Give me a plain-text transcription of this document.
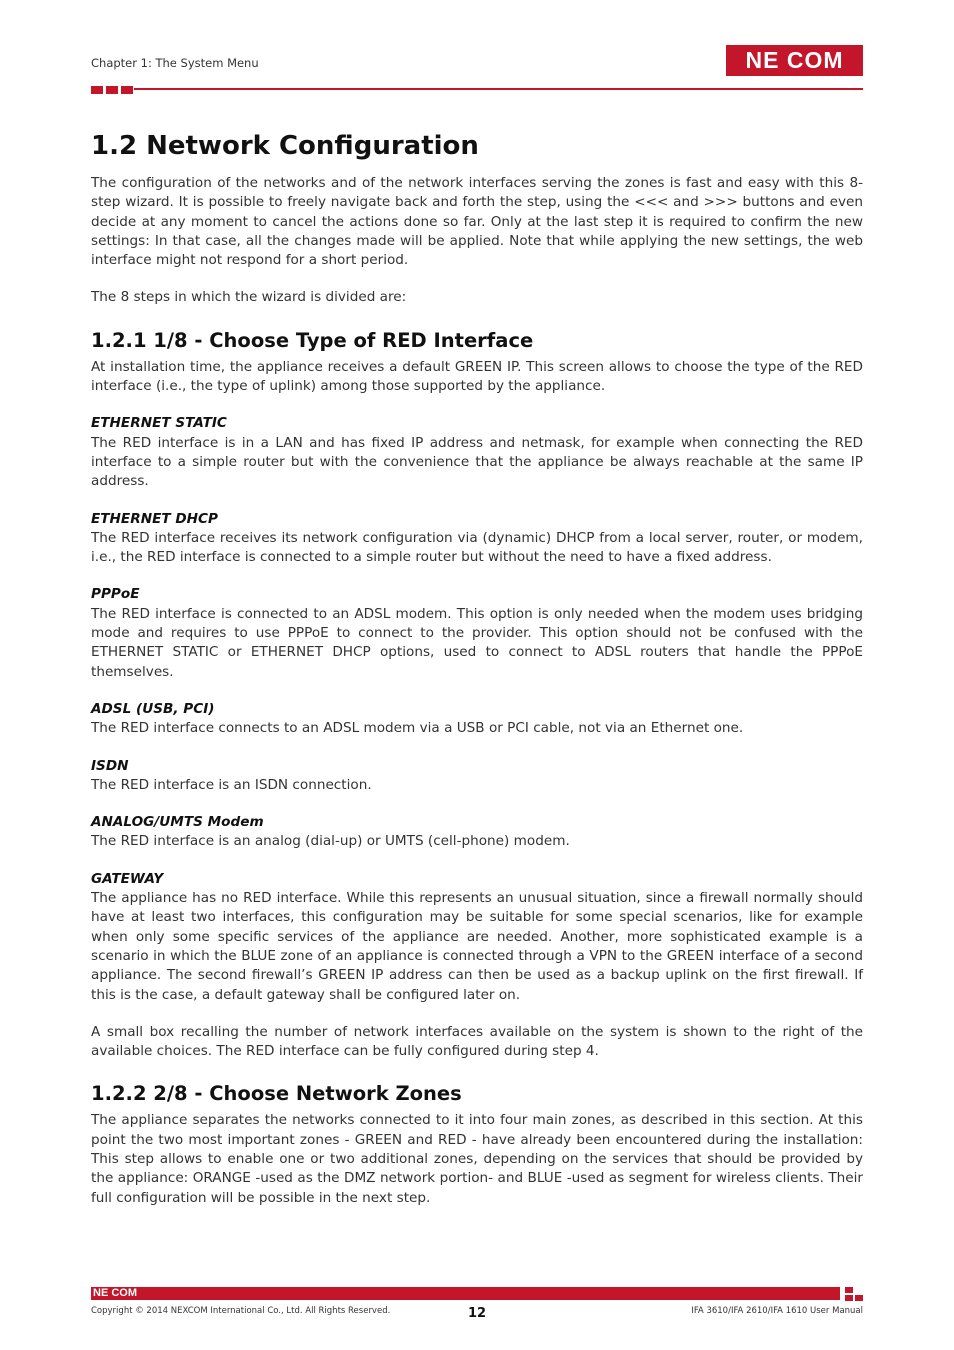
Chapter 1: The System Menu	NE COM
1.2 Network Configuration

The configuration of the networks and of the network interfaces serving the zones is fast and easy with this 8-step wizard. It is possible to freely navigate back and forth the step, using the <<< and >>> buttons and even decide at any moment to cancel the actions done so far. Only at the last step it is required to confirm the new settings: In that case, all the changes made will be applied. Note that while applying the new settings, the web interface might not respond for a short period.

The 8 steps in which the wizard is divided are:

1.2.1 1/8 - Choose Type of RED Interface

At installation time, the appliance receives a default GREEN IP. This screen allows to choose the type of the RED interface (i.e., the type of uplink) among those supported by the appliance.

ETHERNET STATIC

The RED interface is in a LAN and has fixed IP address and netmask, for example when connecting the RED interface to a simple router but with the convenience that the appliance be always reachable at the same IP address.

ETHERNET DHCP

The RED interface receives its network configuration via (dynamic) DHCP from a local server, router, or modem, i.e., the RED interface is connected to a simple router but without the need to have a fixed address.

PPPoE

The RED interface is connected to an ADSL modem. This option is only needed when the modem uses bridging mode and requires to use PPPoE to connect to the provider. This option should not be confused with the ETHERNET STATIC or ETHERNET DHCP options, used to connect to ADSL routers that handle the PPPoE themselves.

ADSL (USB, PCI)

The RED interface connects to an ADSL modem via a USB or PCI cable, not via an Ethernet one.

ISDN

The RED interface is an ISDN connection.

ANALOG/UMTS Modem

The RED interface is an analog (dial-up) or UMTS (cell-phone) modem.

GATEWAY

The appliance has no RED interface. While this represents an unusual situation, since a firewall normally should have at least two interfaces, this configuration may be suitable for some special scenarios, like for example when only some specific services of the appliance are needed. Another, more sophisticated example is a scenario in which the BLUE zone of an appliance is connected through a VPN to the GREEN interface of a second appliance. The second firewall’s GREEN IP address can then be used as a backup uplink on the first firewall. If this is the case, a default gateway shall be configured later on.

A small box recalling the number of network interfaces available on the system is shown to the right of the available choices. The RED interface can be fully configured during step 4.

1.2.2 2/8 - Choose Network Zones

The appliance separates the networks connected to it into four main zones, as described in this section. At this point the two most important zones - GREEN and RED - have already been encountered during the installation: This step allows to enable one or two additional zones, depending on the services that should be provided by the appliance: ORANGE -used as the DMZ network portion- and BLUE -used as segment for wireless clients. Their full configuration will be possible in the next step.

NE COM
Copyright © 2014 NEXCOM International Co., Ltd. All Rights Reserved.	12	IFA 3610/IFA 2610/IFA 1610 User Manual
